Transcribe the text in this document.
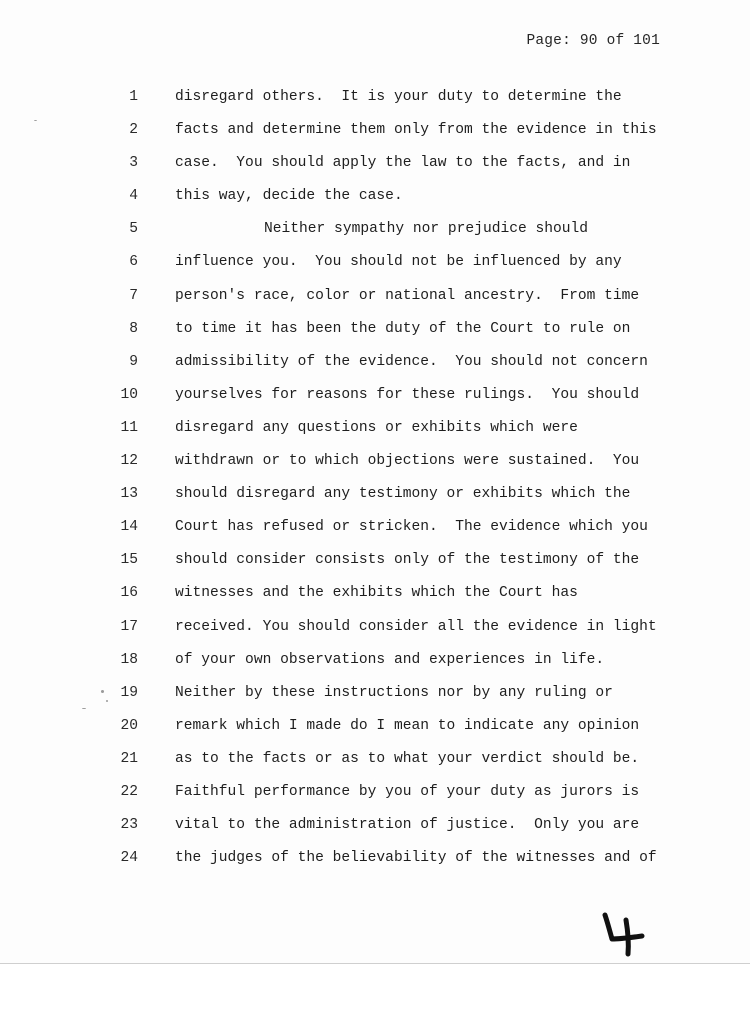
Page: 90 of 101
1	disregard others.  It is your duty to determine the
2	facts and determine them only from the evidence in this
3	case.  You should apply the law to the facts, and in
4	this way, decide the case.
5	Neither sympathy nor prejudice should
6	influence you.  You should not be influenced by any
7	person's race, color or national ancestry.  From time
8	to time it has been the duty of the Court to rule on
9	admissibility of the evidence.  You should not concern
10	yourselves for reasons for these rulings.  You should
11	disregard any questions or exhibits which were
12	withdrawn or to which objections were sustained.  You
13	should disregard any testimony or exhibits which the
14	Court has refused or stricken.  The evidence which you
15	should consider consists only of the testimony of the
16	witnesses and the exhibits which the Court has
17	received. You should consider all the evidence in light
18	of your own observations and experiences in life.
19	Neither by these instructions nor by any ruling or
20	remark which I made do I mean to indicate any opinion
21	as to the facts or as to what your verdict should be.
22	Faithful performance by you of your duty as jurors is
23	vital to the administration of justice.  Only you are
24	the judges of the believability of the witnesses and of
